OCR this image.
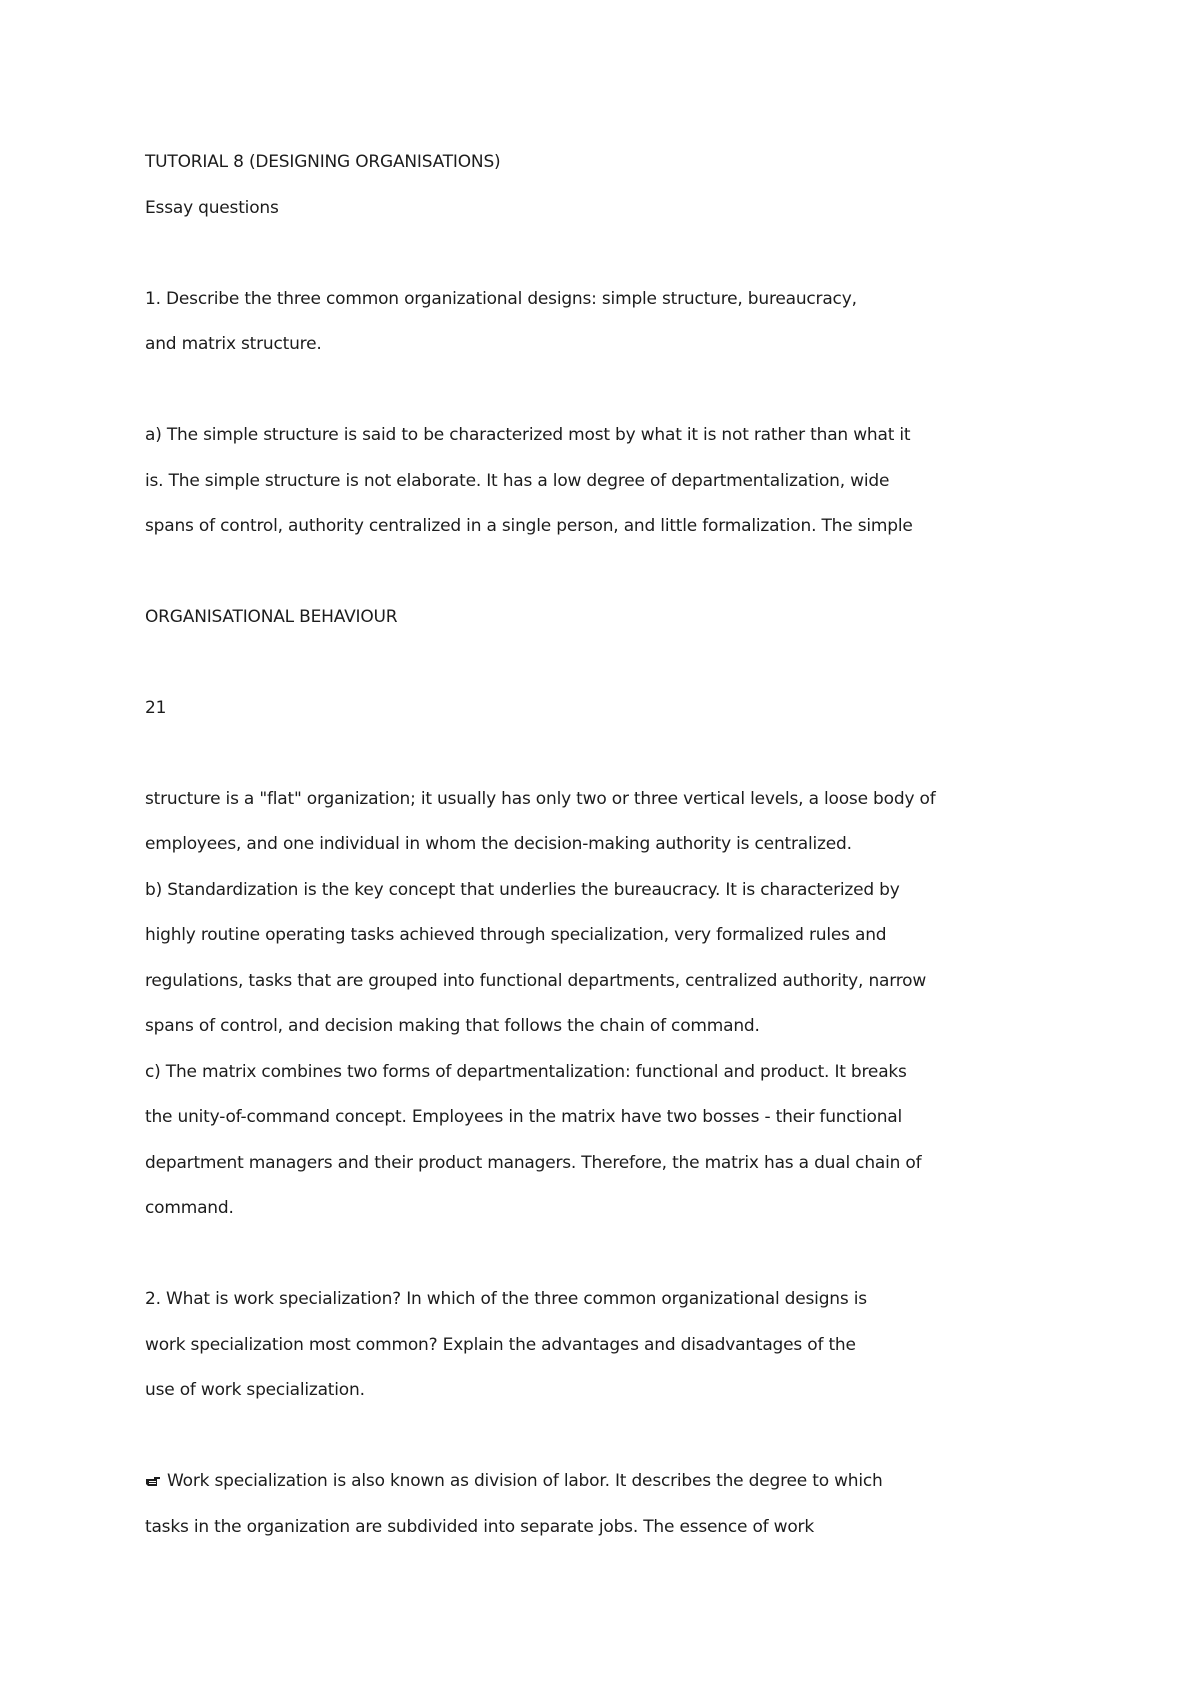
TUTORIAL 8 (DESIGNING ORGANISATIONS)
Essay questions
1. Describe the three common organizational designs: simple structure, bureaucracy,
and matrix structure.
a) The simple structure is said to be characterized most by what it is not rather than what it
is. The simple structure is not elaborate. It has a low degree of departmentalization, wide
spans of control, authority centralized in a single person, and little formalization. The simple
ORGANISATIONAL BEHAVIOUR
21
structure is a "flat" organization; it usually has only two or three vertical levels, a loose body of
employees, and one individual in whom the decision-making authority is centralized.
b) Standardization is the key concept that underlies the bureaucracy. It is characterized by
highly routine operating tasks achieved through specialization, very formalized rules and
regulations, tasks that are grouped into functional departments, centralized authority, narrow
spans of control, and decision making that follows the chain of command.
c) The matrix combines two forms of departmentalization: functional and product. It breaks
the unity-of-command concept. Employees in the matrix have two bosses - their functional
department managers and their product managers. Therefore, the matrix has a dual chain of
command.
2. What is work specialization? In which of the three common organizational designs is
work specialization most common? Explain the advantages and disadvantages of the
use of work specialization.
Work specialization is also known as division of labor. It describes the degree to which
tasks in the organization are subdivided into separate jobs. The essence of work
